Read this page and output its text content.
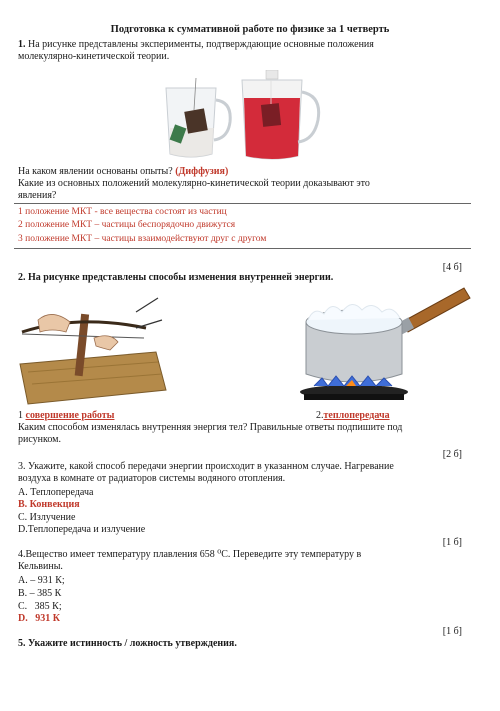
Подготовка к суммативной работе по физике за 1 четверть
1. На рисунке представлены эксперименты, подтверждающие основные положения
молекулярно-кинетической теории.
На каком явлении основаны опыты? (Диффузия)
Какие из основных положений молекулярно-кинетической теории доказывают это
явления?
1 положение МКТ - все вещества состоят из частиц
2 положение МКТ – частицы беспорядочно движутся
3 положение МКТ – частицы взаимодействуют друг с другом
[4 б]
2. На рисунке представлены способы изменения внутренней энергии.
1 совершение работы	2.теплопередача
Каким способом изменялась внутренняя энергия тел? Правильные ответы подпишите под
рисунком.
[2 б]
3. Укажите, какой способ передачи энергии происходит в указанном случае. Нагревание
воздуха в комнате от радиаторов системы водяного отопления.
A. Теплопередача
B. Конвекция
C. Излучение
D.Теплопередача и излучение
[1 б]
4.Вещество имеет температуру плавления 658 ⁰С. Переведите эту температуру в
Кельвины.
A. – 931 К;
B. – 385 К
C.   385 К;
D.   931 К
[1 б]
5. Укажите истинность / ложность утверждения.
